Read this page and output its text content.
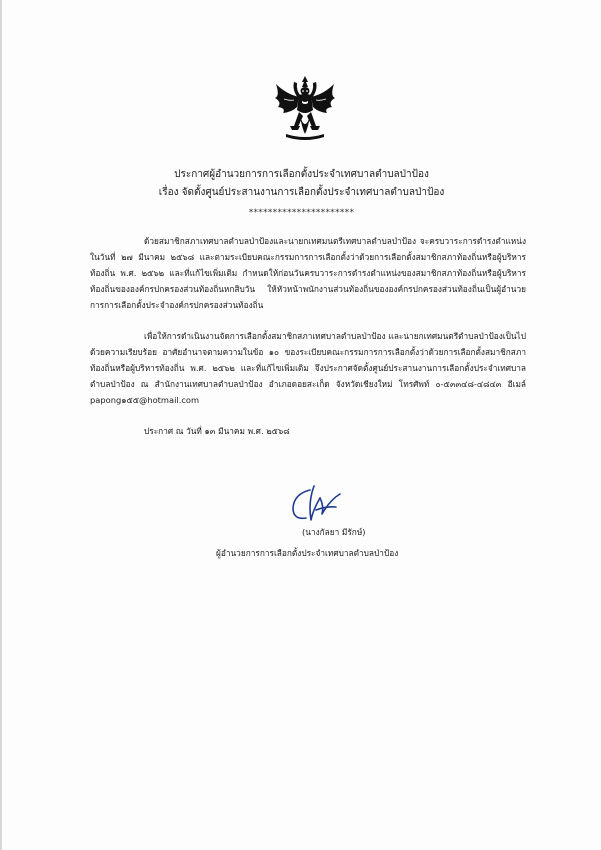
ประกาศผู้อำนวยการการเลือกตั้งประจำเทศบาลตำบลป่าป้อง
เรื่อง จัดตั้งศูนย์ประสานงานการเลือกตั้งประจำเทศบาลตำบลป่าป้อง
**********************

ด้วยสมาชิกสภาเทศบาลตำบลป่าป้องและนายกเทศมนตรีเทศบาลตำบลป่าป้อง จะครบวาระการดำรงตำแหน่งในวันที่ ๒๗ มีนาคม ๒๕๖๘ และตามระเบียบคณะกรรมการการเลือกตั้งว่าด้วยการเลือกตั้งสมาชิกสภาท้องถิ่นหรือผู้บริหารท้องถิ่น พ.ศ. ๒๕๖๒ และที่แก้ไขเพิ่มเติม กำหนดให้ก่อนวันครบวาระการดำรงตำแหน่งของสมาชิกสภาท้องถิ่นหรือผู้บริหารท้องถิ่นขององค์กรปกครองส่วนท้องถิ่นหกสิบวัน ให้หัวหน้าพนักงานส่วนท้องถิ่นขององค์กรปกครองส่วนท้องถิ่นเป็นผู้อำนวยการการเลือกตั้งประจำองค์กรปกครองส่วนท้องถิ่น

เพื่อให้การดำเนินงานจัดการเลือกตั้งสมาชิกสภาเทศบาลตำบลป่าป้อง และนายกเทศมนตรีตำบลป่าป้องเป็นไปด้วยความเรียบร้อย อาศัยอำนาจตามความในข้อ ๑๐ ของระเบียบคณะกรรมการการเลือกตั้งว่าด้วยการเลือกตั้งสมาชิกสภาท้องถิ่นหรือผู้บริหารท้องถิ่น พ.ศ. ๒๕๖๒ และที่แก้ไขเพิ่มเติม จึงประกาศจัดตั้งศูนย์ประสานงานการเลือกตั้งประจำเทศบาลตำบลป่าป้อง ณ สำนักงานเทศบาลตำบลป่าป้อง อำเภอดอยสะเก็ด จังหวัดเชียงใหม่ โทรศัพท์ ๐-๕๓๓๔๘-๔๘๔๓ อีเมล์ papong๑๕๕@hotmail.com

ประกาศ ณ วันที่ ๑๓ มีนาคม พ.ศ. ๒๕๖๘

(นางกัลยา มีรักษ์)
ผู้อำนวยการการเลือกตั้งประจำเทศบาลตำบลป่าป้อง
